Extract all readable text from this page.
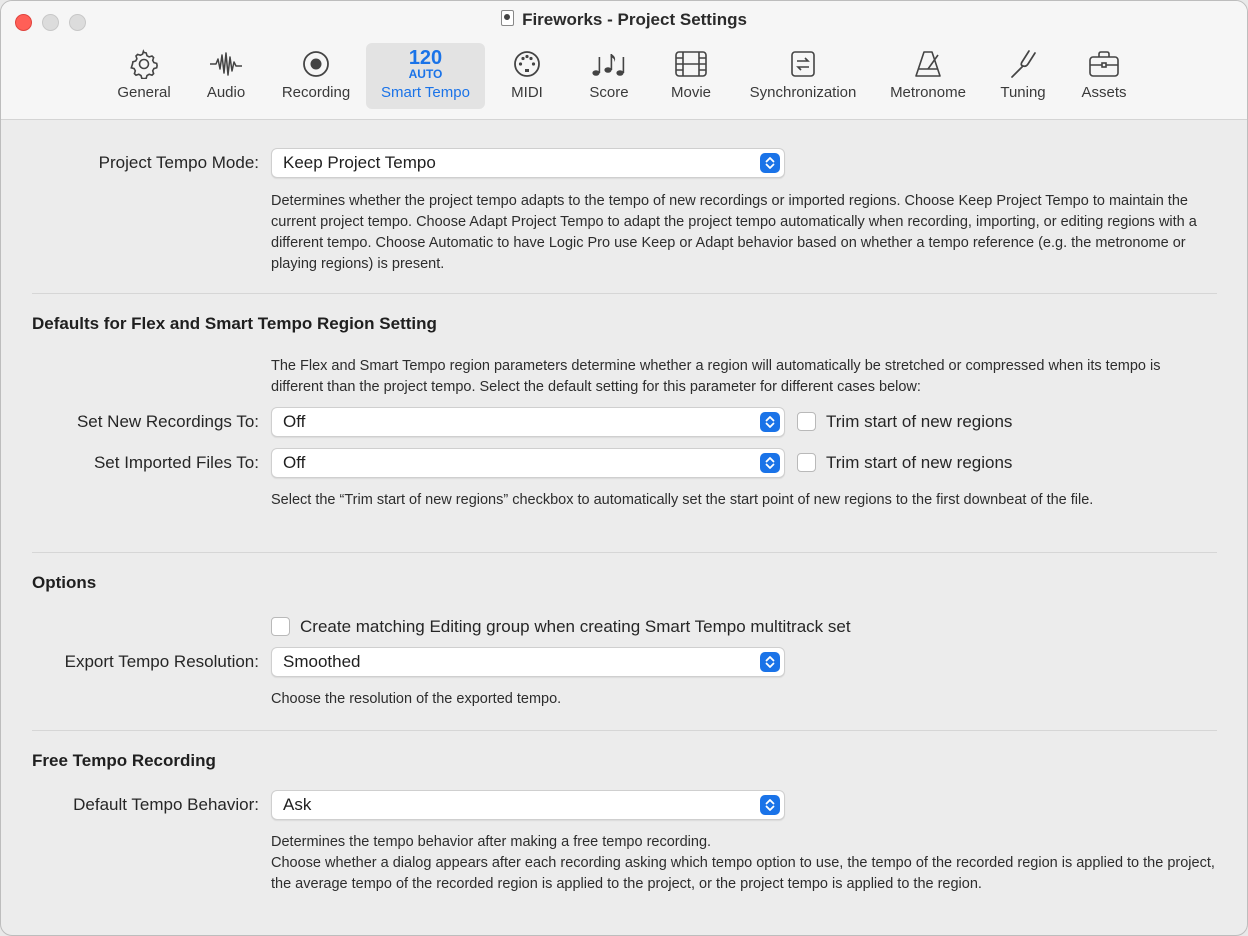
Fireworks - Project Settings
General	Audio	Recording
120
AUTO
Smart Tempo	MIDI	Score	Movie	Synchronization	Metronome	Tuning	Assets
Project Tempo Mode: Keep Project Tempo
Determines whether the project tempo adapts to the tempo of new recordings or imported regions. Choose Keep Project Tempo to maintain the current project tempo. Choose Adapt Project Tempo to adapt the project tempo automatically when recording, importing, or editing regions with a different tempo. Choose Automatic to have Logic Pro use Keep or Adapt behavior based on whether a tempo reference (e.g. the metronome or playing regions) is present.
Defaults for Flex and Smart Tempo Region Setting
The Flex and Smart Tempo region parameters determine whether a region will automatically be stretched or compressed when its tempo is different than the project tempo. Select the default setting for this parameter for different cases below:
Set New Recordings To: Off	Trim start of new regions
Set Imported Files To: Off	Trim start of new regions
Select the “Trim start of new regions” checkbox to automatically set the start point of new regions to the first downbeat of the file.
Options
Create matching Editing group when creating Smart Tempo multitrack set
Export Tempo Resolution: Smoothed
Choose the resolution of the exported tempo.
Free Tempo Recording
Default Tempo Behavior: Ask
Determines the tempo behavior after making a free tempo recording.
Choose whether a dialog appears after each recording asking which tempo option to use, the tempo of the recorded region is applied to the project, the average tempo of the recorded region is applied to the project, or the project tempo is applied to the region.
